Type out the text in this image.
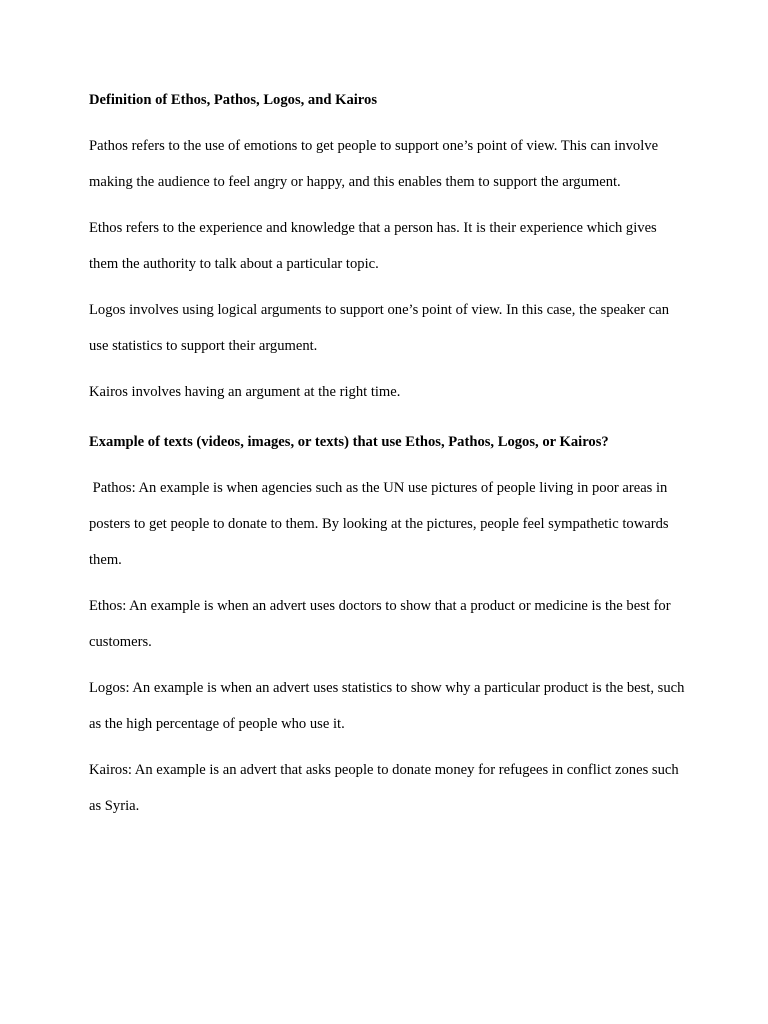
Definition of Ethos, Pathos, Logos, and Kairos

Pathos refers to the use of emotions to get people to support one’s point of view. This can involve making the audience to feel angry or happy, and this enables them to support the argument.

Ethos refers to the experience and knowledge that a person has. It is their experience which gives them the authority to talk about a particular topic.

Logos involves using logical arguments to support one’s point of view. In this case, the speaker can use statistics to support their argument.

Kairos involves having an argument at the right time.

Example of texts (videos, images, or texts) that use Ethos, Pathos, Logos, or Kairos?

Pathos: An example is when agencies such as the UN use pictures of people living in poor areas in posters to get people to donate to them. By looking at the pictures, people feel sympathetic towards them.

Ethos: An example is when an advert uses doctors to show that a product or medicine is the best for customers.

Logos: An example is when an advert uses statistics to show why a particular product is the best, such as the high percentage of people who use it.

Kairos: An example is an advert that asks people to donate money for refugees in conflict zones such as Syria.
